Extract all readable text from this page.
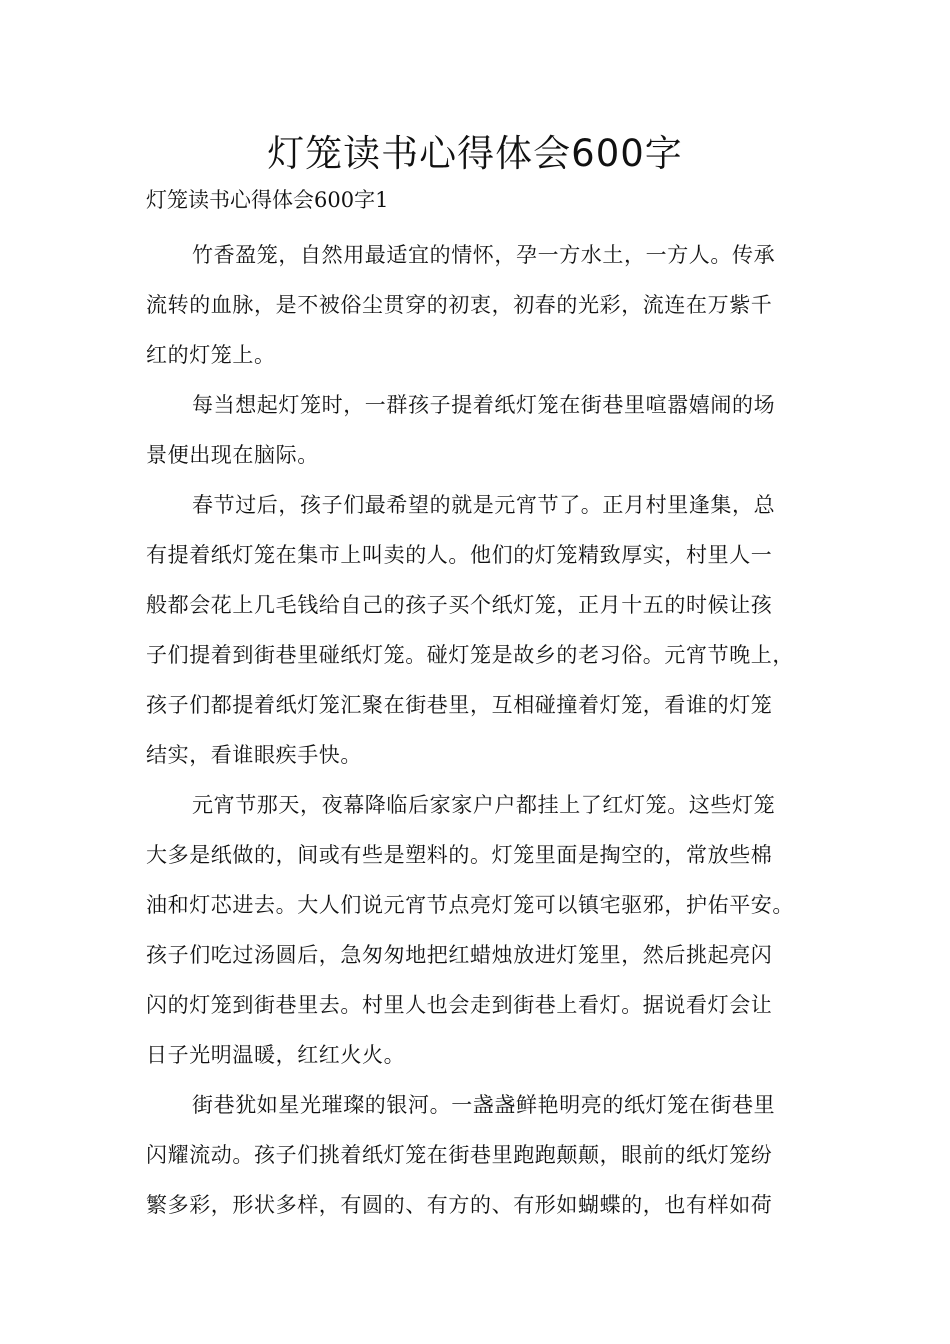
灯笼读书心得体会600字
灯笼读书心得体会600字1

竹香盈笼，自然用最适宜的情怀，孕一方水土，一方人。传承
流转的血脉，是不被俗尘贯穿的初衷，初春的光彩，流连在万紫千
红的灯笼上。

每当想起灯笼时，一群孩子提着纸灯笼在街巷里喧嚣嬉闹的场
景便出现在脑际。

春节过后，孩子们最希望的就是元宵节了。正月村里逢集，总
有提着纸灯笼在集市上叫卖的人。他们的灯笼精致厚实，村里人一
般都会花上几毛钱给自己的孩子买个纸灯笼，正月十五的时候让孩
子们提着到街巷里碰纸灯笼。碰灯笼是故乡的老习俗。元宵节晚上，
孩子们都提着纸灯笼汇聚在街巷里，互相碰撞着灯笼，看谁的灯笼
结实，看谁眼疾手快。

元宵节那天，夜幕降临后家家户户都挂上了红灯笼。这些灯笼
大多是纸做的，间或有些是塑料的。灯笼里面是掏空的，常放些棉
油和灯芯进去。大人们说元宵节点亮灯笼可以镇宅驱邪，护佑平安。
孩子们吃过汤圆后，急匆匆地把红蜡烛放进灯笼里，然后挑起亮闪
闪的灯笼到街巷里去。村里人也会走到街巷上看灯。据说看灯会让
日子光明温暖，红红火火。

街巷犹如星光璀璨的银河。一盏盏鲜艳明亮的纸灯笼在街巷里
闪耀流动。孩子们挑着纸灯笼在街巷里跑跑颠颠，眼前的纸灯笼纷
繁多彩，形状多样，有圆的、有方的、有形如蝴蝶的，也有样如荷
